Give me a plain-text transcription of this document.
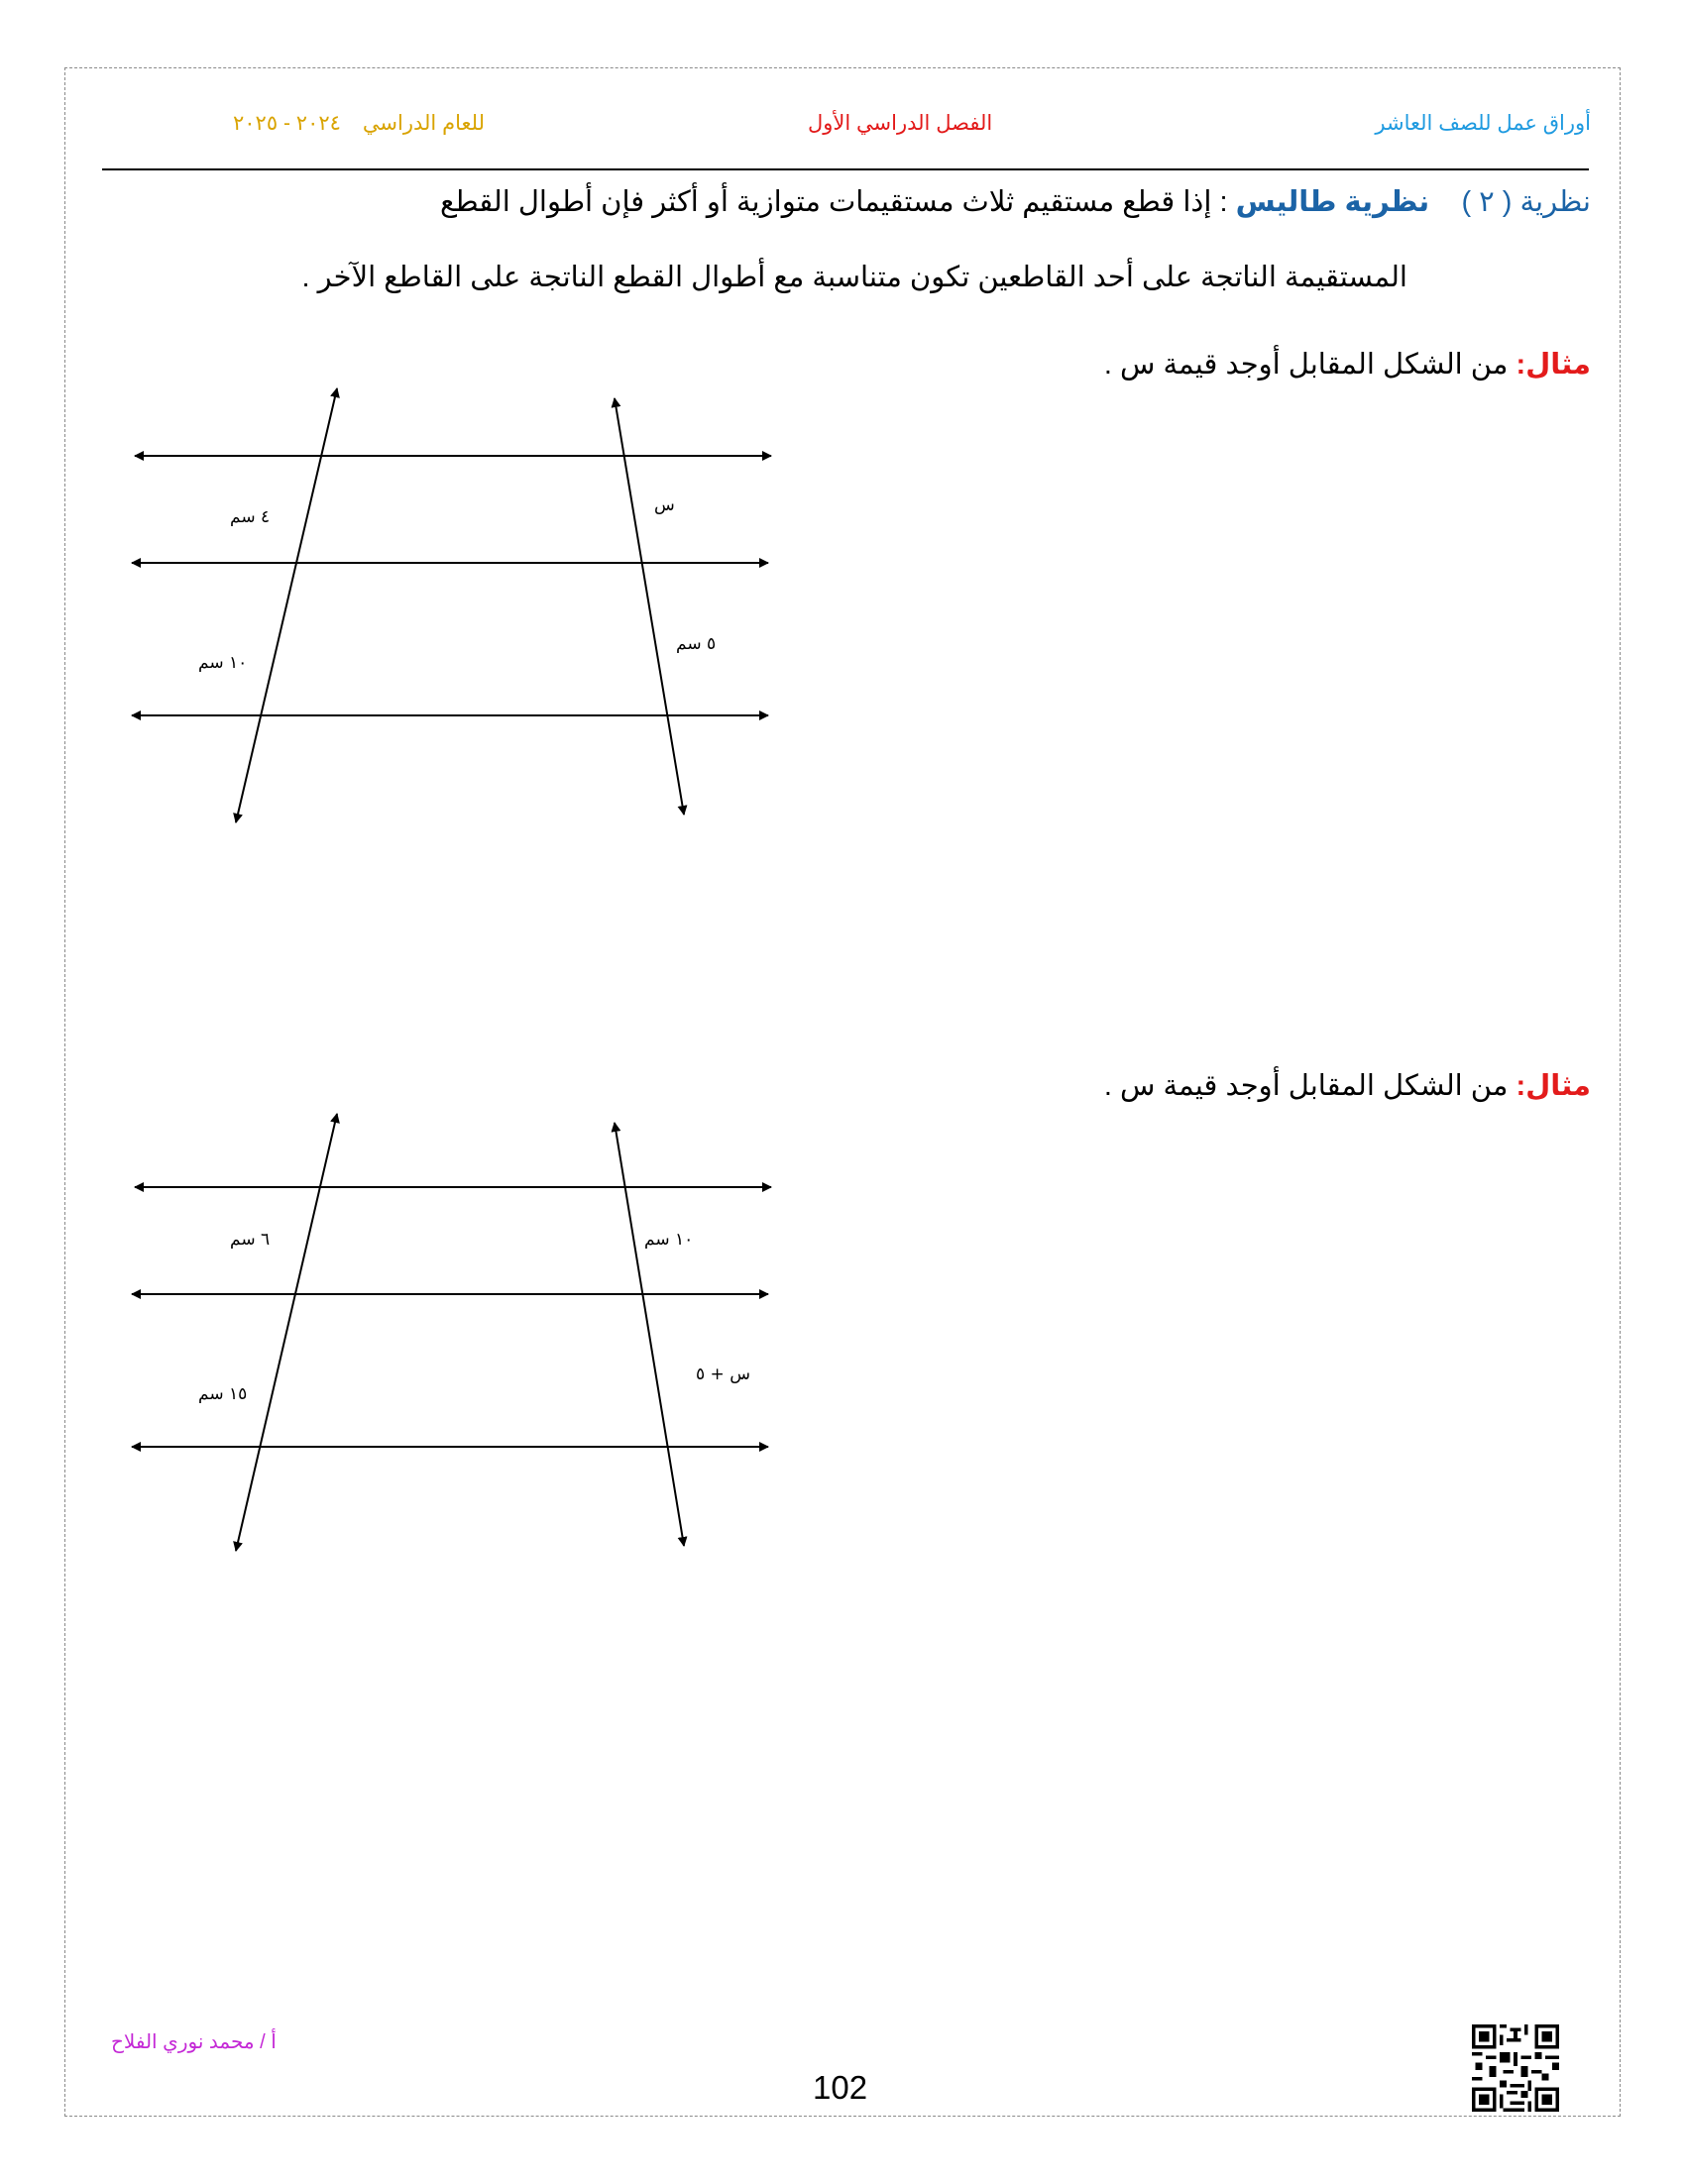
أوراق عمل للصف العاشر
الفصل الدراسي الأول
للعام الدراسي٢٠٢٤ - ٢٠٢٥
نظرية ( ٢ )    نظرية طاليس : إذا قطع مستقيم ثلاث مستقيمات متوازية أو أكثر فإن أطوال القطع
المستقيمة الناتجة على أحد القاطعين تكون متناسبة مع أطوال القطع الناتجة على القاطع الآخر .
مثال: من الشكل المقابل أوجد قيمة س .
٤ سم
١٠ سم
س
٥ سم
مثال: من الشكل المقابل أوجد قيمة س .
٦ سم
١٥ سم
١٠ سم
س + ٥
أ / محمد نوري الفلاح
102
